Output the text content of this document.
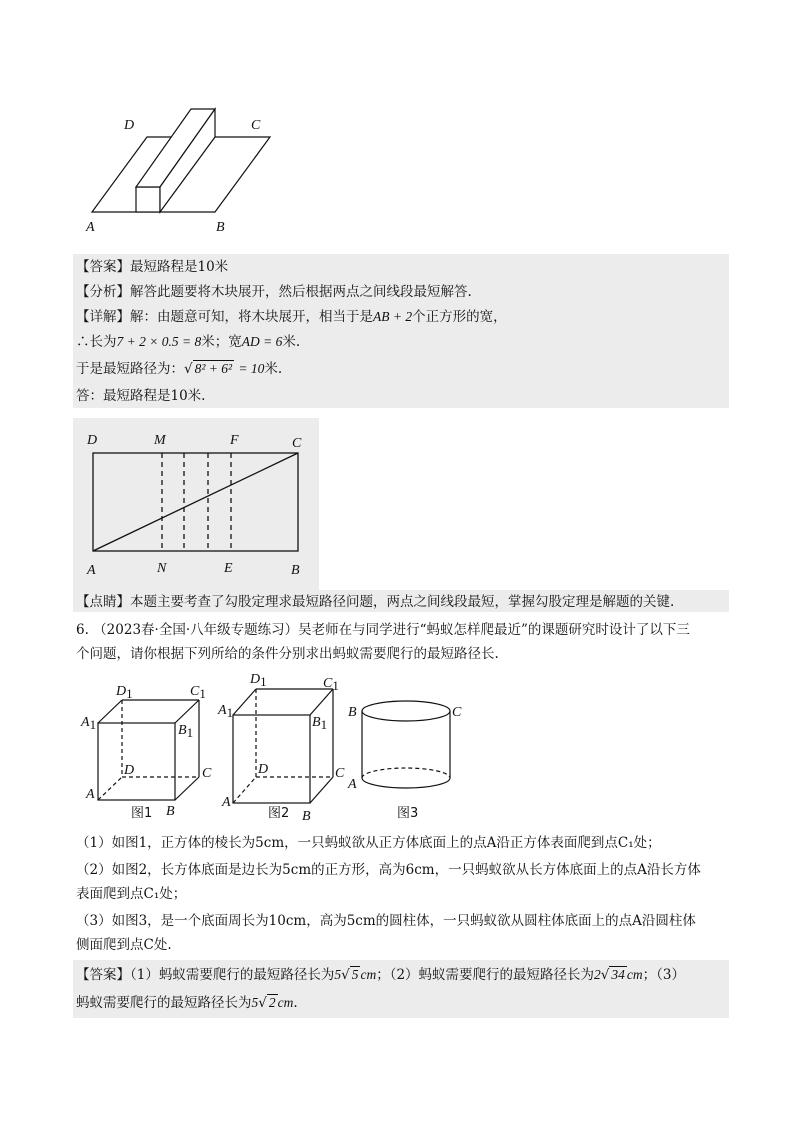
D	C
A	B
【答案】最短路程是10米
【分析】解答此题要将木块展开，然后根据两点之间线段最短解答.
【详解】解：由题意可知，将木块展开，相当于是AB + 2个正方形的宽，
∴长为7 + 2 × 0.5 = 8米；宽AD = 6米.
于是最短路径为：√ 8² + 6² = 10米.
答：最短路程是10米.
D	M	F	C
A	N	E	B
【点睛】本题主要考查了勾股定理求最短路径问题，两点之间线段最短，掌握勾股定理是解题的关键.
6. （2023春·全国·八年级专题练习）吴老师在与同学进行“蚂蚁怎样爬最近”的课题研究时设计了以下三
个问题，请你根据下列所给的条件分别求出蚂蚁需要爬行的最短路径长.
D1	C1
A1	B1
D	C
A
B
图1
D1	C1
A1
B1
D	C
A
B
图2
B	C
A
图3
（1）如图1，正方体的棱长为5cm，一只蚂蚁欲从正方体底面上的点A沿正方体表面爬到点C₁处；
（2）如图2，长方体底面是边长为5cm的正方形，高为6cm，一只蚂蚁欲从长方体底面上的点A沿长方体
表面爬到点C₁处；
（3）如图3，是一个底面周长为10cm，高为5cm的圆柱体，一只蚂蚁欲从圆柱体底面上的点A沿圆柱体
侧面爬到点C处.
【答案】（1）蚂蚁需要爬行的最短路径长为5√ 5 cm；（2）蚂蚁需要爬行的最短路径长为2√ 34 cm；（3）
蚂蚁需要爬行的最短路径长为5√ 2 cm.
